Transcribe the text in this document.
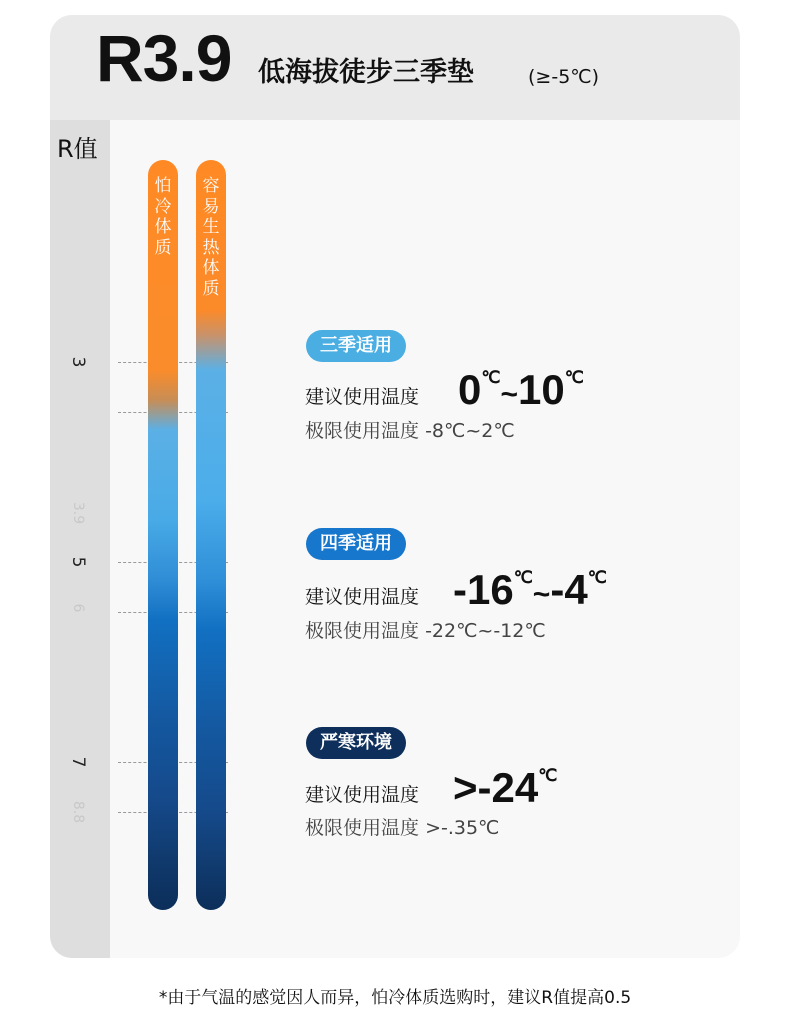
R3.9 低海拔徒步三季垫	(≥-5℃)
R值
3
3.9
5
6
7
8.8
怕冷体质
容易生热体质
三季适用
建议使用温度 0℃~10℃
极限使用温度 -8℃~2℃
四季适用
建议使用温度 -16℃~-4℃
极限使用温度 -22℃~-12℃
严寒环境
建议使用温度 >-24℃
极限使用温度 >-.35℃
*由于气温的感觉因人而异，怕冷体质选购时，建议R值提高0.5
